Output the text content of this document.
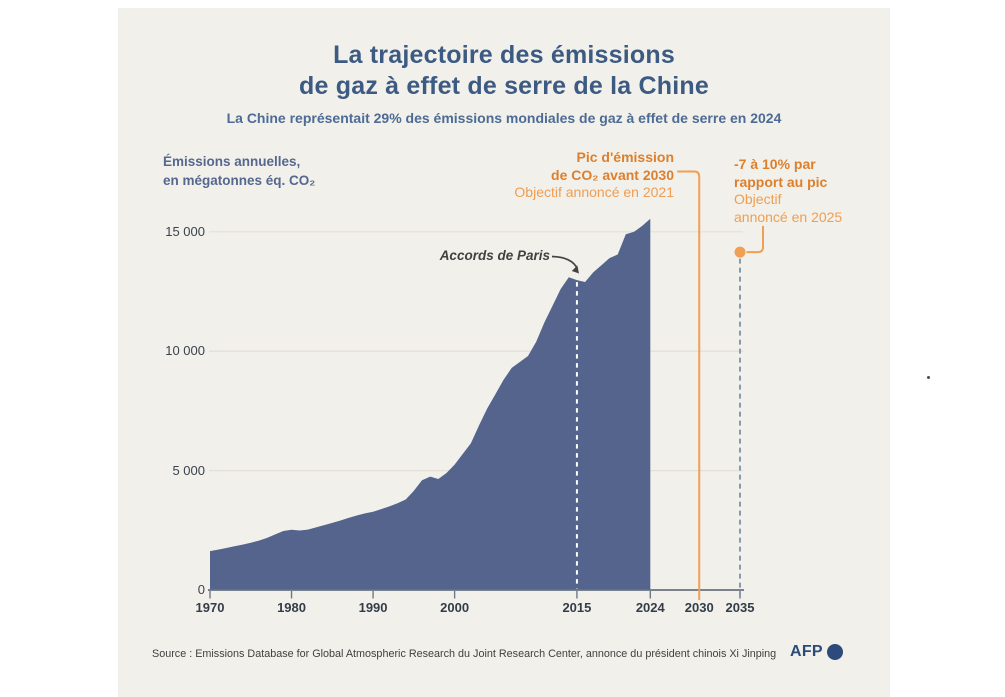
La trajectoire des émissions
de gaz à effet de serre de la Chine
La Chine représentait 29% des émissions mondiales de gaz à effet de serre en 2024
Émissions annuelles,
en mégatonnes éq. CO₂
Pic d'émission
de CO₂ avant 2030
Objectif annoncé en 2021
-7 à 10% par
rapport au pic
Objectif
annoncé en 2025
Accords de Paris
1970	1980	1990	2000	2015	2024	2030 2035
0
5 000
10 000
15 000
Source : Emissions Database for Global Atmospheric Research du Joint Research Center, annonce du président chinois Xi Jinping AFP
